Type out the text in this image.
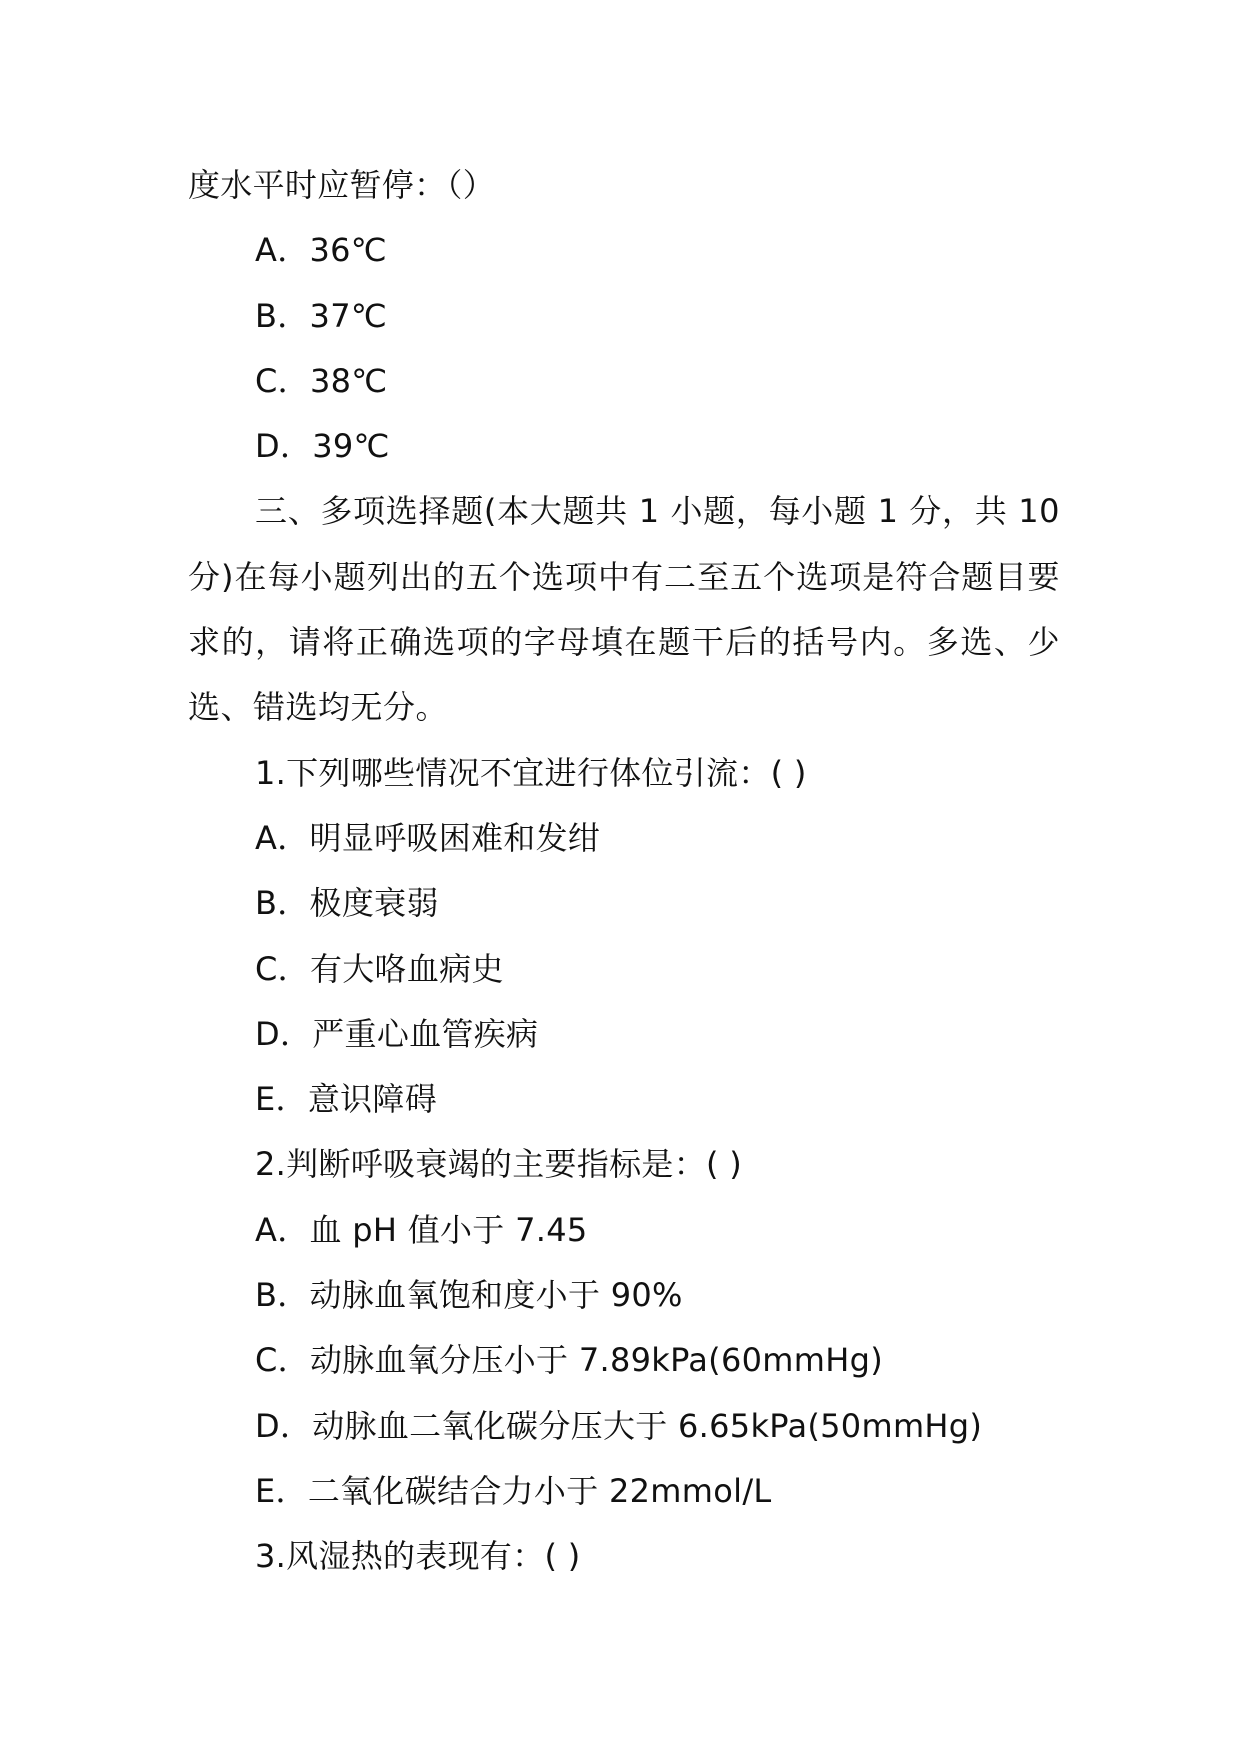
度水平时应暂停：（）
A．36℃
B．37℃
C．38℃
D．39℃
三、多项选择题(本大题共 1 小题，每小题 1 分，共 10 分)在每小题列出的五个选项中有二至五个选项是符合题目要求的，请将正确选项的字母填在题干后的括号内。多选、少选、错选均无分。
1.下列哪些情况不宜进行体位引流：( )
A．明显呼吸困难和发绀
B．极度衰弱
C．有大咯血病史
D．严重心血管疾病
E．意识障碍
2.判断呼吸衰竭的主要指标是：( )
A．血 pH 值小于 7.45
B．动脉血氧饱和度小于 90%
C．动脉血氧分压小于 7.89kPa(60mmHg)
D．动脉血二氧化碳分压大于 6.65kPa(50mmHg)
E．二氧化碳结合力小于 22mmol/L
3.风湿热的表现有：( )
